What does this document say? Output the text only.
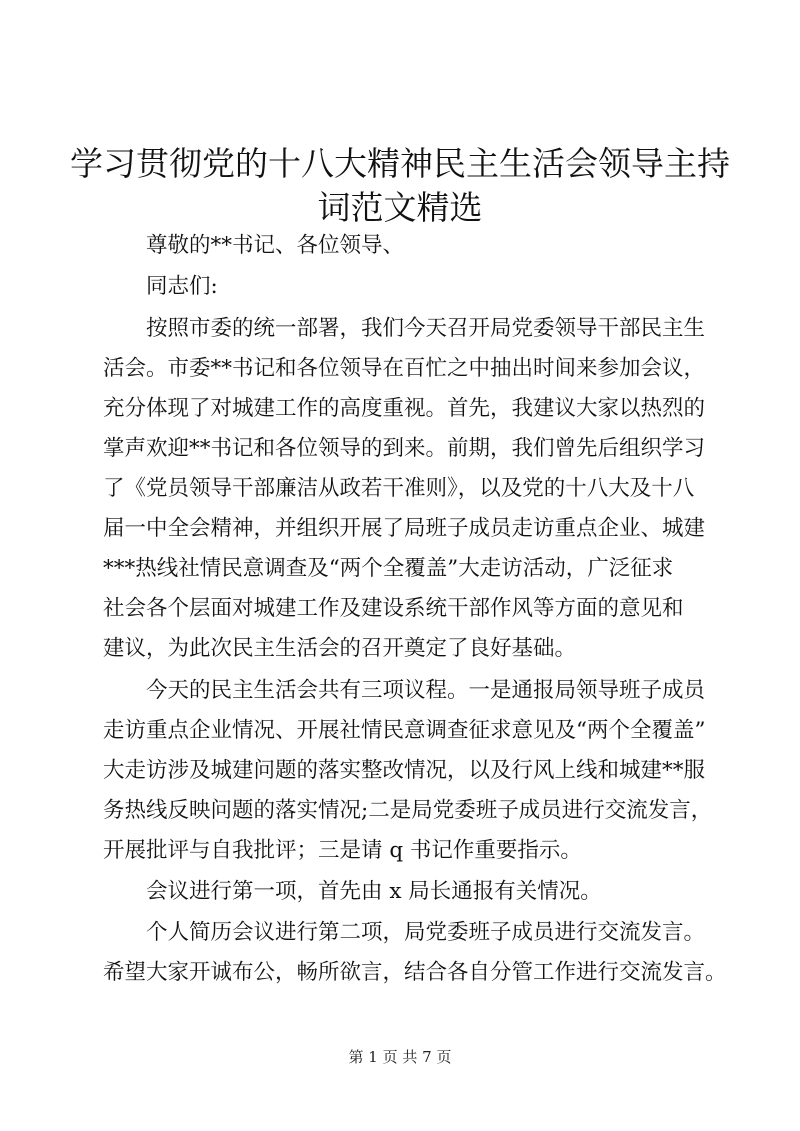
学习贯彻党的十八大精神民主生活会领导主持
词范文精选
尊敬的**书记、各位领导、
同志们:
按照市委的统一部署，我们今天召开局党委领导干部民主生
活会。市委**书记和各位领导在百忙之中抽出时间来参加会议，
充分体现了对城建工作的高度重视。首先，我建议大家以热烈的
掌声欢迎**书记和各位领导的到来。前期，我们曾先后组织学习
了《党员领导干部廉洁从政若干准则》，以及党的十八大及十八
届一中全会精神，并组织开展了局班子成员走访重点企业、城建
***热线社情民意调查及“两个全覆盖”大走访活动，广泛征求
社会各个层面对城建工作及建设系统干部作风等方面的意见和
建议，为此次民主生活会的召开奠定了良好基础。
今天的民主生活会共有三项议程。一是通报局领导班子成员
走访重点企业情况、开展社情民意调查征求意见及“两个全覆盖”
大走访涉及城建问题的落实整改情况，以及行风上线和城建**服
务热线反映问题的落实情况;二是局党委班子成员进行交流发言，
开展批评与自我批评；三是请 q 书记作重要指示。
会议进行第一项，首先由 x 局长通报有关情况。
个人简历会议进行第二项，局党委班子成员进行交流发言。
希望大家开诚布公，畅所欲言，结合各自分管工作进行交流发言。
第 1 页 共 7 页
